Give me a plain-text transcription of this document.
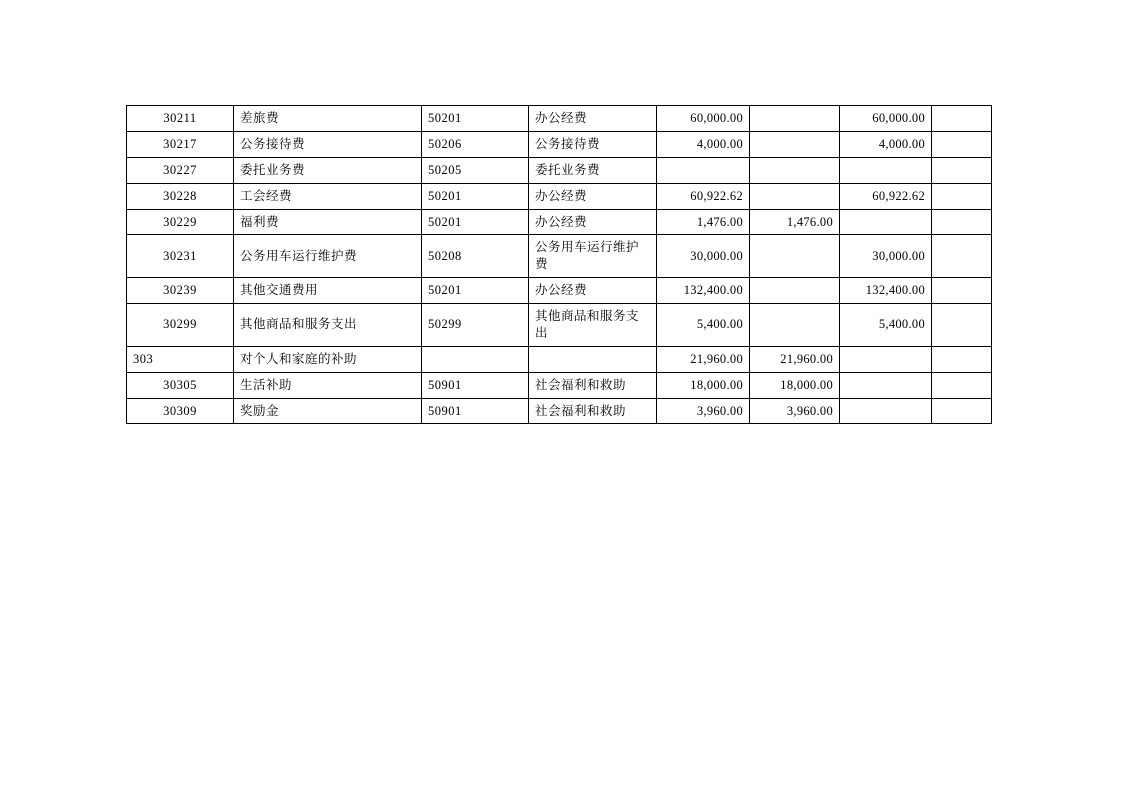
30211	差旅费	50201	办公经费	60,000.00		60,000.00	
30217	公务接待费	50206	公务接待费	4,000.00		4,000.00	
30227	委托业务费	50205	委托业务费				
30228	工会经费	50201	办公经费	60,922.62		60,922.62	
30229	福利费	50201	办公经费	1,476.00	1,476.00		
30231	公务用车运行维护费	50208	公务用车运行维护费	30,000.00		30,000.00	
30239	其他交通费用	50201	办公经费	132,400.00		132,400.00	
30299	其他商品和服务支出	50299	其他商品和服务支出	5,400.00		5,400.00	
303	对个人和家庭的补助			21,960.00	21,960.00		
30305	生活补助	50901	社会福利和救助	18,000.00	18,000.00		
30309	奖励金	50901	社会福利和救助	3,960.00	3,960.00		
